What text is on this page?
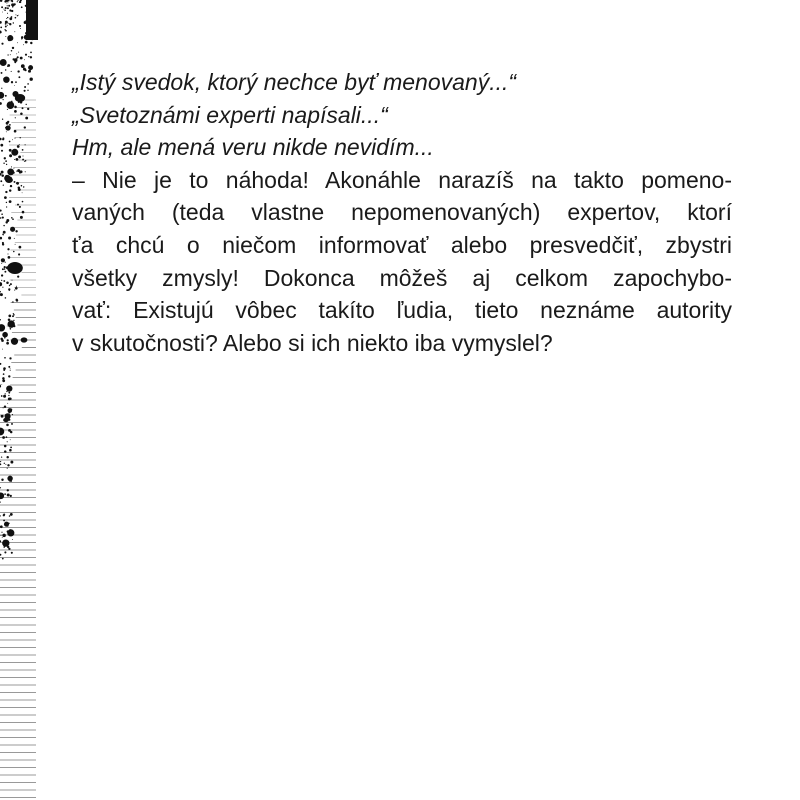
„Istý svedok, ktorý nechce byť menovaný...“

„Svetoznámi experti napísali...“

Hm, ale mená veru nikde nevidím...

– Nie je to náhoda! Akonáhle narazíš na takto pomeno-

vaných (teda vlastne nepomenovaných) expertov, ktorí

ťa chcú o niečom informovať alebo presvedčiť, zbystri

všetky zmysly! Dokonca môžeš aj celkom zapochybo-

vať: Existujú vôbec takíto ľudia, tieto neznáme autority

v skutočnosti? Alebo si ich niekto iba vymyslel?
